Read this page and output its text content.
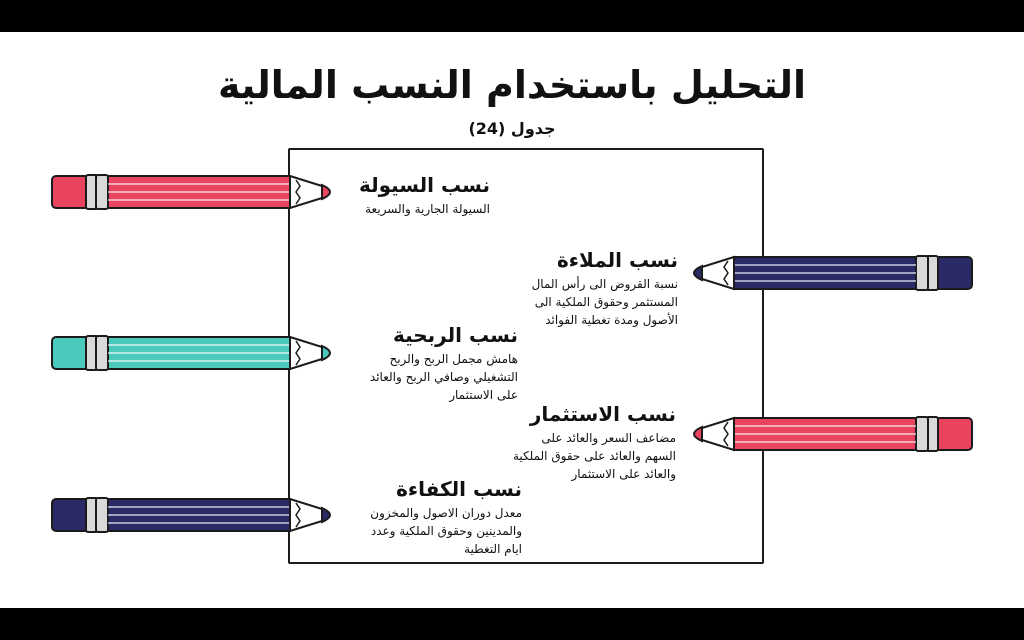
التحليل باستخدام النسب المالية
جدول (24)
نسب السيولة

السيولة الجارية والسريعة

نسب الربحية

هامش مجمل الربح والربح التشغيلي وصافي الربح والعائد على الاستثمار

نسب الكفاءة

معدل دوران الاصول والمخزون والمدينين وحقوق الملكية وعدد ايام التغطية

نسب الملاءة

نسبة القروض الى رأس المال المستثمر وحقوق الملكية الى الأصول ومدة تغطية الفوائد

نسب الاستثمار

مضاعف السعر والعائد على السهم والعائد على حقوق الملكية والعائد على الاستثمار
